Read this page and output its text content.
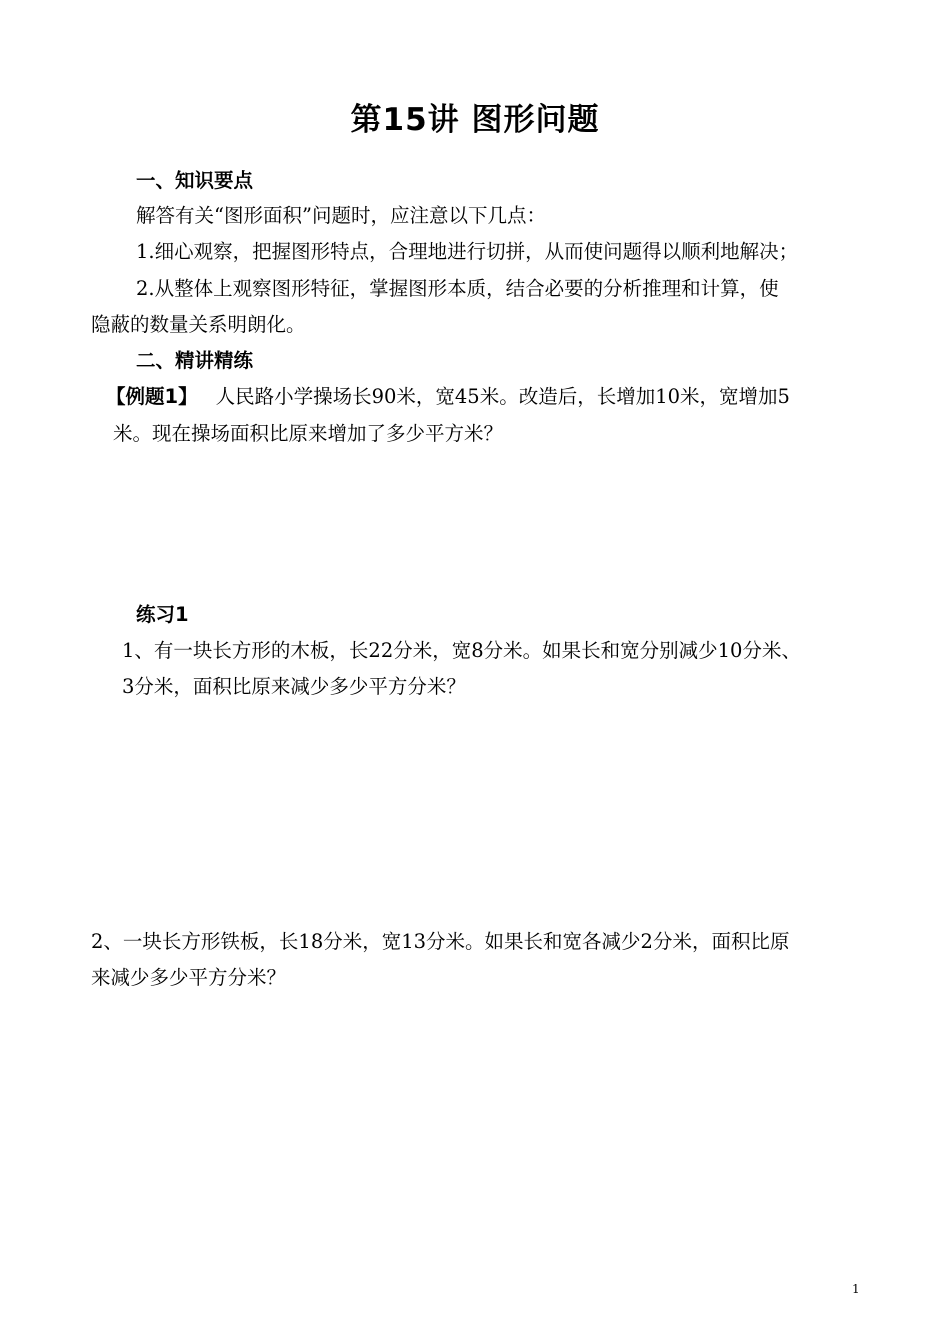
第15讲 图形问题
一、知识要点
解答有关“图形面积”问题时，应注意以下几点：
1.细心观察，把握图形特点，合理地进行切拼，从而使问题得以顺利地解决；
2.从整体上观察图形特征，掌握图形本质，结合必要的分析推理和计算，使
隐蔽的数量关系明朗化。
二、精讲精练
【例题1】 人民路小学操场长90米，宽45米。改造后，长增加10米，宽增加5
米。现在操场面积比原来增加了多少平方米？
练习1
1、有一块长方形的木板，长22分米，宽8分米。如果长和宽分别减少10分米、
3分米，面积比原来减少多少平方分米？
2、一块长方形铁板，长18分米，宽13分米。如果长和宽各减少2分米，面积比原
来减少多少平方分米？
1
